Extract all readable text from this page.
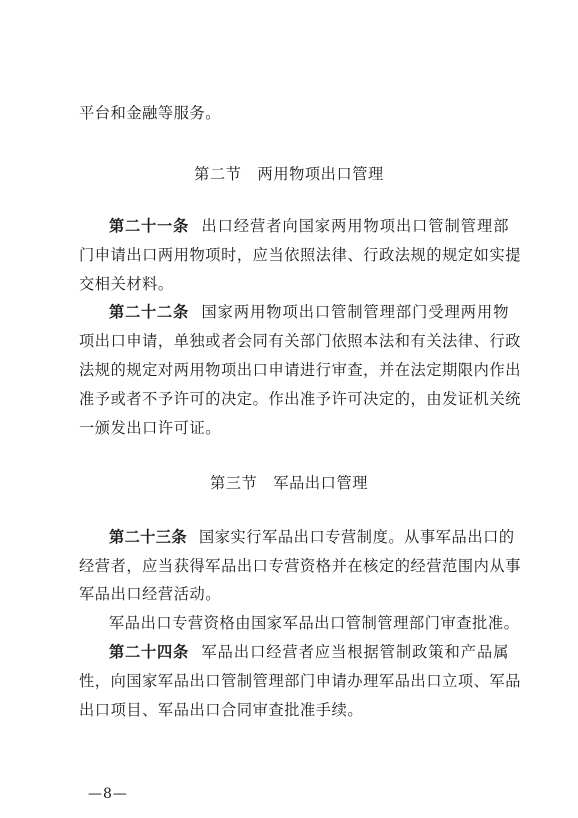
平台和金融等服务。
第二节 两用物项出口管理
第二十一条 出口经营者向国家两用物项出口管制管理部
门申请出口两用物项时，应当依照法律、行政法规的规定如实提
交相关材料。
第二十二条 国家两用物项出口管制管理部门受理两用物
项出口申请，单独或者会同有关部门依照本法和有关法律、行政
法规的规定对两用物项出口申请进行审查，并在法定期限内作出
准予或者不予许可的决定。作出准予许可决定的，由发证机关统
一颁发出口许可证。
第三节 军品出口管理
第二十三条 国家实行军品出口专营制度。从事军品出口的
经营者，应当获得军品出口专营资格并在核定的经营范围内从事
军品出口经营活动。
军品出口专营资格由国家军品出口管制管理部门审查批准。
第二十四条 军品出口经营者应当根据管制政策和产品属
性，向国家军品出口管制管理部门申请办理军品出口立项、军品
出口项目、军品出口合同审查批准手续。
—8—
